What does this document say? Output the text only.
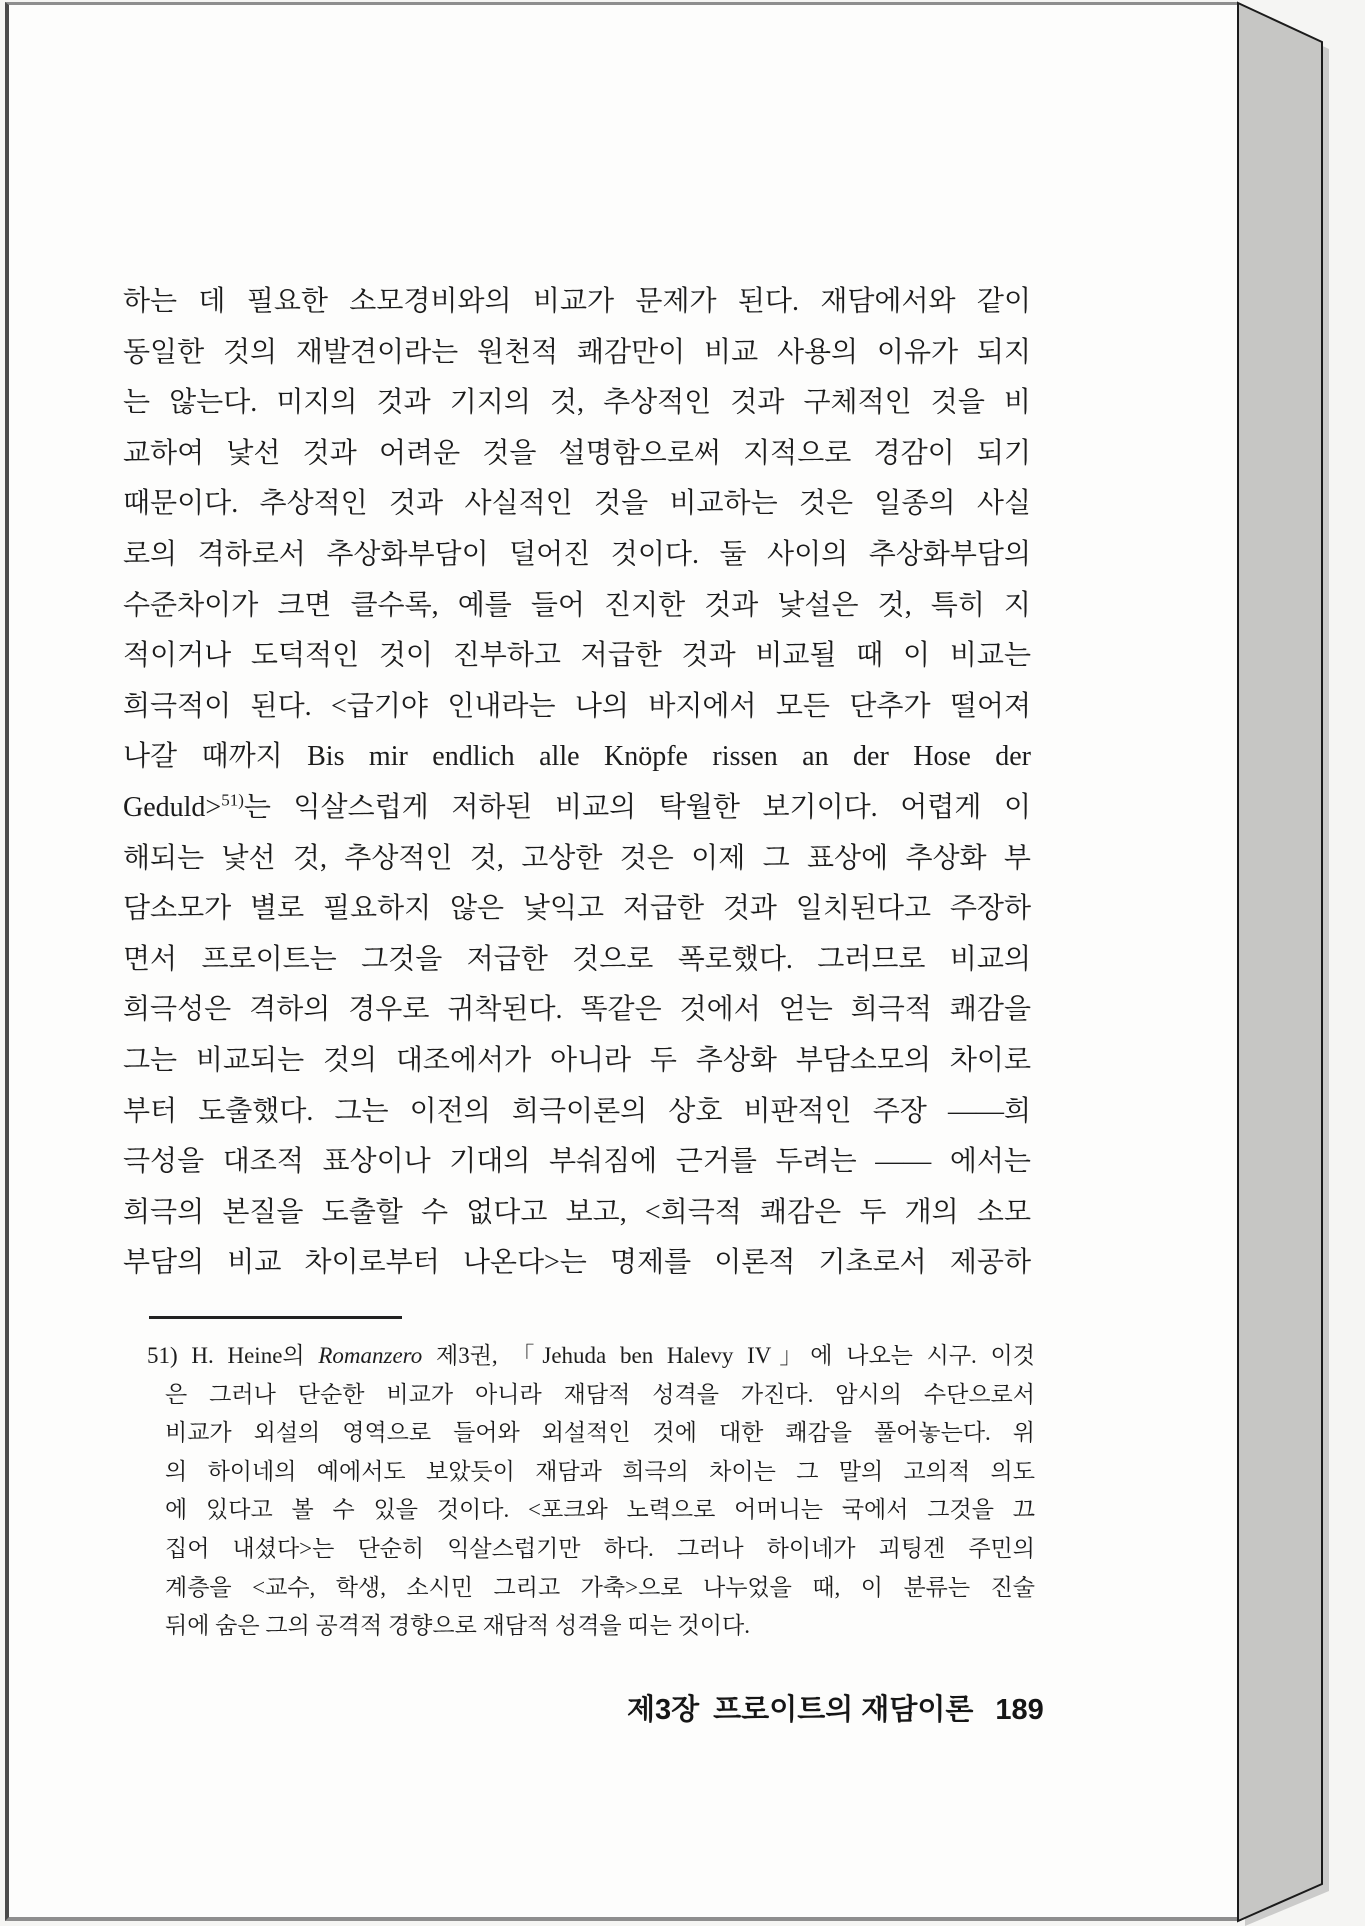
하는 데 필요한 소모경비와의 비교가 문제가 된다. 재담에서와 같이
동일한 것의 재발견이라는 원천적 쾌감만이 비교 사용의 이유가 되지
는 않는다. 미지의 것과 기지의 것, 추상적인 것과 구체적인 것을 비
교하여 낯선 것과 어려운 것을 설명함으로써 지적으로 경감이 되기
때문이다. 추상적인 것과 사실적인 것을 비교하는 것은 일종의 사실
로의 격하로서 추상화부담이 덜어진 것이다. 둘 사이의 추상화부담의
수준차이가 크면 클수록, 예를 들어 진지한 것과 낯설은 것, 특히 지
적이거나 도덕적인 것이 진부하고 저급한 것과 비교될 때 이 비교는
희극적이 된다. <급기야 인내라는 나의 바지에서 모든 단추가 떨어져
나갈 때까지 Bis mir endlich alle Knöpfe rissen an der Hose der
Geduld>$^{51)}$는 익살스럽게 저하된 비교의 탁월한 보기이다. 어렵게 이
해되는 낯선 것, 추상적인 것, 고상한 것은 이제 그 표상에 추상화 부
담소모가 별로 필요하지 않은 낯익고 저급한 것과 일치된다고 주장하
면서 프로이트는 그것을 저급한 것으로 폭로했다. 그러므로 비교의
희극성은 격하의 경우로 귀착된다. 똑같은 것에서 얻는 희극적 쾌감을
그는 비교되는 것의 대조에서가 아니라 두 추상화 부담소모의 차이로
부터 도출했다. 그는 이전의 희극이론의 상호 비판적인 주장 ——희
극성을 대조적 표상이나 기대의 부숴짐에 근거를 두려는 —— 에서는
희극의 본질을 도출할 수 없다고 보고, <희극적 쾌감은 두 개의 소모
부담의 비교 차이로부터 나온다>는 명제를 이론적 기초로서 제공하
51) H. Heine의 Romanzero 제3권, 「Jehuda ben Halevy IV」에 나오는 시구. 이것
은 그러나 단순한 비교가 아니라 재담적 성격을 가진다. 암시의 수단으로서
비교가 외설의 영역으로 들어와 외설적인 것에 대한 쾌감을 풀어놓는다. 위
의 하이네의 예에서도 보았듯이 재담과 희극의 차이는 그 말의 고의적 의도
에 있다고 볼 수 있을 것이다. <포크와 노력으로 어머니는 국에서 그것을 끄
집어 내셨다>는 단순히 익살스럽기만 하다. 그러나 하이네가 괴팅겐 주민의
계층을 <교수, 학생, 소시민 그리고 가축>으로 나누었을 때, 이 분류는 진술
뒤에 숨은 그의 공격적 경향으로 재담적 성격을 띠는 것이다.
제3장 프로이트의 재담이론 189
